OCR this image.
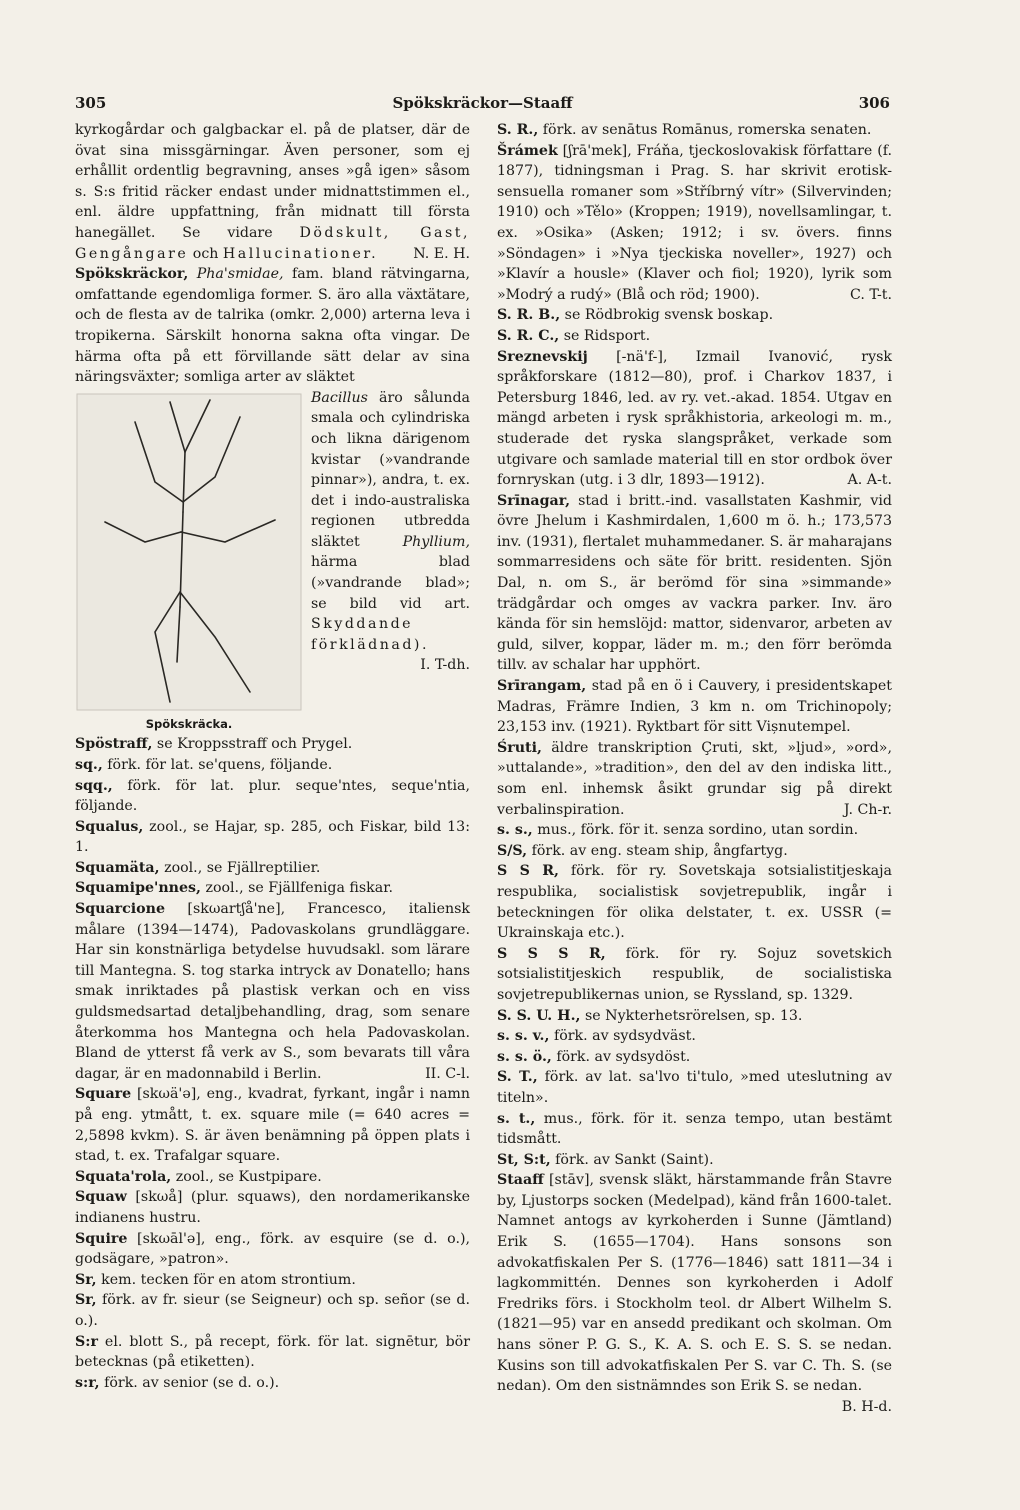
305	Spökskräckor—Staaff	306

kyrkogårdar och galgbackar el. på de platser, där de övat sina missgärningar. Även personer, som ej erhållit ordentlig begravning, anses »gå igen» såsom s. S:s fritid räcker endast under midnattstimmen el., enl. äldre uppfattning, från midnatt till första hanegället. Se vidare Dödskult, Gast, Gengångare och Hallucinationer. N. E. H.

Spökskräckor, Pha'smidae, fam. bland rätvingarna, omfattande egendomliga former. S. äro alla växtätare, och de flesta av de talrika (omkr. 2,000) arterna leva i tropikerna. Särskilt honorna sakna ofta vingar. De härma ofta på ett förvillande sätt delar av sina näringsväxter; somliga arter av släktet

Spökskräcka.

Bacillus äro sålunda smala och cylindriska och likna därigenom kvistar (»vandrande pinnar»), andra, t. ex. det i indo-australiska regionen utbredda släktet Phyllium, härma blad (»vandrande blad»; se bild vid art. Skyddande förklädnad).
I. T-dh.

Spöstraff, se Kroppsstraff och Prygel.

sq., förk. för lat. se'quens, följande.

sqq., förk. för lat. plur. seque'ntes, seque'ntia, följande.

Squalus, zool., se Hajar, sp. 285, och Fiskar, bild 13: 1.

Squamäta, zool., se Fjällreptilier.

Squamipe'nnes, zool., se Fjällfeniga fiskar.

Squarcione [skωartʃå'ne], Francesco, italiensk målare (1394—1474), Padovaskolans grundläggare. Har sin konstnärliga betydelse huvudsakl. som lärare till Mantegna. S. tog starka intryck av Donatello; hans smak inriktades på plastisk verkan och en viss guldsmedsartad detaljbehandling, drag, som senare återkomma hos Mantegna och hela Padovaskolan. Bland de ytterst få verk av S., som bevarats till våra dagar, är en madonnabild i Berlin.	II. C-l.

Square [skωä'ə], eng., kvadrat, fyrkant, ingår i namn på eng. ytmått, t. ex. square mile (= 640 acres = 2,5898 kvkm). S. är även benämning på öppen plats i stad, t. ex. Trafalgar square.

Squata'rola, zool., se Kustpipare.

Squaw [skωå] (plur. squaws), den nordamerikanske indianens hustru.

Squire [skωāl'ə], eng., förk. av esquire (se d. o.), godsägare, »patron».

Sr, kem. tecken för en atom strontium.

Sr, förk. av fr. sieur (se Seigneur) och sp. señor (se d. o.).

S:r el. blott S., på recept, förk. för lat. signētur, bör betecknas (på etiketten).

s:r, förk. av senior (se d. o.).

S. R., förk. av senātus Romānus, romerska senaten.

Šrámek [ʃrā'mek], Fráňa, tjeckoslovakisk författare (f. 1877), tidningsman i Prag. S. har skrivit erotisk-sensuella romaner som »Stříbrný vítr» (Silvervinden; 1910) och »Tělo» (Kroppen; 1919), novellsamlingar, t. ex. »Osika» (Asken; 1912; i sv. övers. finns »Söndagen» i »Nya tjeckiska noveller», 1927) och »Klavír a housle» (Klaver och fiol; 1920), lyrik som »Modrý a rudý» (Blå och röd; 1900).	C. T-t.

S. R. B., se Rödbrokig svensk boskap.

S. R. C., se Ridsport.

Sreznevskij [-nä'f-], Izmail Ivanović, rysk språkforskare (1812—80), prof. i Charkov 1837, i Petersburg 1846, led. av ry. vet.-akad. 1854. Utgav en mängd arbeten i rysk språkhistoria, arkeologi m. m., studerade det ryska slangspråket, verkade som utgivare och samlade material till en stor ordbok över fornryskan (utg. i 3 dlr, 1893—1912).	A. A-t.

Srīnagar, stad i britt.-ind. vasallstaten Kashmir, vid övre Jhelum i Kashmirdalen, 1,600 m ö. h.; 173,573 inv. (1931), flertalet muhammedaner. S. är maharajans sommarresidens och säte för britt. residenten. Sjön Dal, n. om S., är berömd för sina »simmande» trädgårdar och omges av vackra parker. Inv. äro kända för sin hemslöjd: mattor, sidenvaror, arbeten av guld, silver, koppar, läder m. m.; den förr berömda tillv. av schalar har upphört.

Srīrangam, stad på en ö i Cauvery, i presidentskapet Madras, Främre Indien, 3 km n. om Trichinopoly; 23,153 inv. (1921). Ryktbart för sitt Vișnutempel.

Śruti, äldre transkription Çruti, skt, »ljud», »ord», »uttalande», »tradition», den del av den indiska litt., som enl. inhemsk åsikt grundar sig på direkt verbalinspiration.	J. Ch-r.

s. s., mus., förk. för it. senza sordino, utan sordin.

S/S, förk. av eng. steam ship, ångfartyg.

S S R, förk. för ry. Sovetskaja sotsialistitjeskaja respublika, socialistisk sovjetrepublik, ingår i beteckningen för olika delstater, t. ex. USSR (= Ukrainskaja etc.).

S S S R, förk. för ry. Sojuz sovetskich sotsialistitjeskich respublik, de socialistiska sovjetrepublikernas union, se Ryssland, sp. 1329.

S. S. U. H., se Nykterhetsrörelsen, sp. 13.

s. s. v., förk. av sydsydväst.

s. s. ö., förk. av sydsydöst.

S. T., förk. av lat. sa'lvo ti'tulo, »med uteslutning av titeln».

s. t., mus., förk. för it. senza tempo, utan bestämt tidsmått.

St, S:t, förk. av Sankt (Saint).

Staaff [stāv], svensk släkt, härstammande från Stavre by, Ljustorps socken (Medelpad), känd från 1600-talet. Namnet antogs av kyrkoherden i Sunne (Jämtland) Erik S. (1655—1704). Hans sonsons son advokatfiskalen Per S. (1776—1846) satt 1811—34 i lagkommittén. Dennes son kyrkoherden i Adolf Fredriks förs. i Stockholm teol. dr Albert Wilhelm S. (1821—95) var en ansedd predikant och skolman. Om hans söner P. G. S., K. A. S. och E. S. S. se nedan. Kusins son till advokatfiskalen Per S. var C. Th. S. (se nedan). Om den sistnämndes son Erik S. se nedan.
B. H-d.
